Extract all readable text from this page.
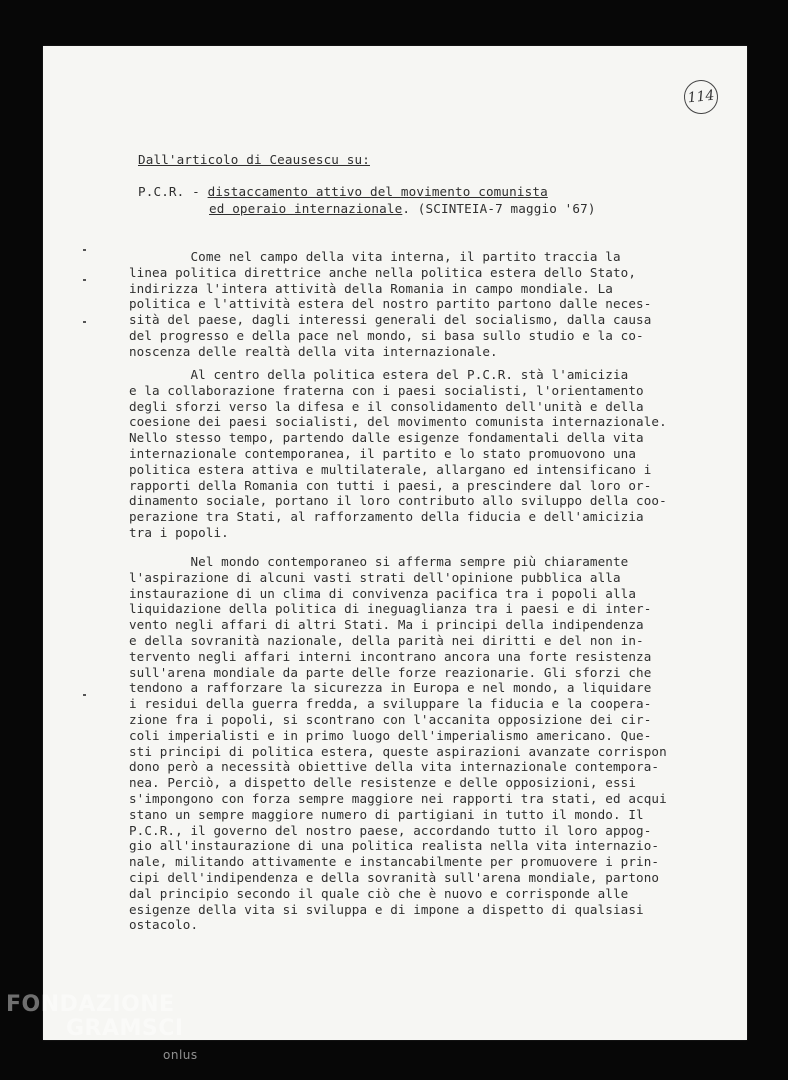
114
Dall'articolo di Ceausescu su:
P.C.R. - distaccamento attivo del movimento comunista
ed operaio internazionale. (SCINTEIA-7 maggio '67)
Come nel campo della vita interna, il partito traccia la
linea politica direttrice anche nella politica estera dello Stato,
indirizza l'intera attività della Romania in campo mondiale. La
politica e l'attività estera del nostro partito partono dalle neces-
sità del paese, dagli interessi generali del socialismo, dalla causa
del progresso e della pace nel mondo, si basa sullo studio e la co-
noscenza delle realtà della vita internazionale.
Al centro della politica estera del P.C.R. stà l'amicizia
e la collaborazione fraterna con i paesi socialisti, l'orientamento
degli sforzi verso la difesa e il consolidamento dell'unità e della
coesione dei paesi socialisti, del movimento comunista internazionale.
Nello stesso tempo, partendo dalle esigenze fondamentali della vita
internazionale contemporanea, il partito e lo stato promuovono una
politica estera attiva e multilaterale, allargano ed intensificano i
rapporti della Romania con tutti i paesi, a prescindere dal loro or-
dinamento sociale, portano il loro contributo allo sviluppo della coo-
perazione tra Stati, al rafforzamento della fiducia e dell'amicizia
tra i popoli.
Nel mondo contemporaneo si afferma sempre più chiaramente
l'aspirazione di alcuni vasti strati dell'opinione pubblica alla
instaurazione di un clima di convivenza pacifica tra i popoli alla
liquidazione della politica di ineguaglianza tra i paesi e di inter-
vento negli affari di altri Stati. Ma i principi della indipendenza
e della sovranità nazionale, della parità nei diritti e del non in-
tervento negli affari interni incontrano ancora una forte resistenza
sull'arena mondiale da parte delle forze reazionarie. Gli sforzi che
tendono a rafforzare la sicurezza in Europa e nel mondo, a liquidare
i residui della guerra fredda, a sviluppare la fiducia e la coopera-
zione fra i popoli, si scontrano con l'accanita opposizione dei cir-
coli imperialisti e in primo luogo dell'imperialismo americano. Que-
sti principi di politica estera, queste aspirazioni avanzate corrispon
dono però a necessità obiettive della vita internazionale contempora-
nea. Perciò, a dispetto delle resistenze e delle opposizioni, essi
s'impongono con forza sempre maggiore nei rapporti tra stati, ed acqui
stano un sempre maggiore numero di partigiani in tutto il mondo. Il
P.C.R., il governo del nostro paese, accordando tutto il loro appog-
gio all'instaurazione di una politica realista nella vita internazio-
nale, militando attivamente e instancabilmente per promuovere i prin-
cipi dell'indipendenza e della sovranità sull'arena mondiale, partono
dal principio secondo il quale ciò che è nuovo e corrisponde alle
esigenze della vita si sviluppa e di impone a dispetto di qualsiasi
ostacolo.
FONDAZIONE
GRAMSCI
onlus
